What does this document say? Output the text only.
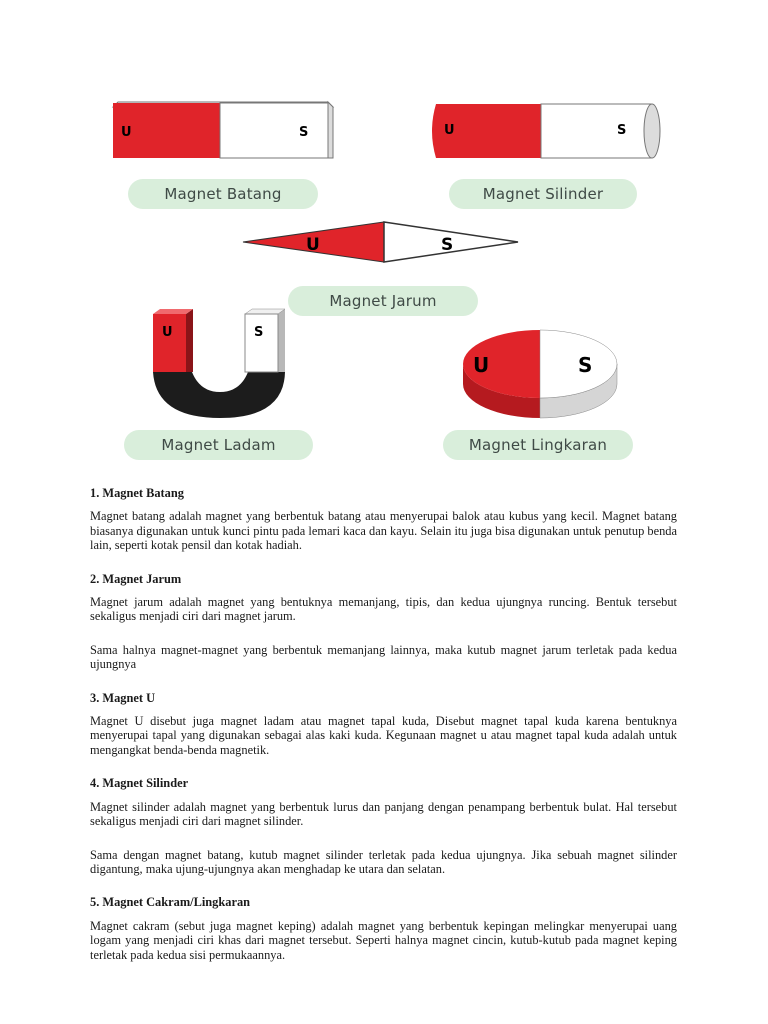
U	S	U	S
U	S
U	S
U	S
Magnet Batang	Magnet Silinder
Magnet Jarum
Magnet Ladam	Magnet Lingkaran
1. Magnet Batang

Magnet batang adalah magnet yang berbentuk batang atau menyerupai balok atau kubus yang kecil. Magnet batang biasanya digunakan untuk kunci pintu pada lemari kaca dan kayu. Selain itu juga bisa digunakan untuk penutup benda lain, seperti kotak pensil dan kotak hadiah.

2. Magnet Jarum

Magnet jarum adalah magnet yang bentuknya memanjang, tipis, dan kedua ujungnya runcing. Bentuk tersebut sekaligus menjadi ciri dari magnet jarum.

Sama halnya magnet-magnet yang berbentuk memanjang lainnya, maka kutub magnet jarum terletak pada kedua ujungnya

3. Magnet U

Magnet U disebut juga magnet ladam atau magnet tapal kuda, Disebut magnet tapal kuda karena bentuknya menyerupai tapal yang digunakan sebagai alas kaki kuda. Kegunaan magnet u atau magnet tapal kuda adalah untuk mengangkat benda-benda magnetik.

4. Magnet Silinder

Magnet silinder adalah magnet yang berbentuk lurus dan panjang dengan penampang berbentuk bulat. Hal tersebut sekaligus menjadi ciri dari magnet silinder.

Sama dengan magnet batang, kutub magnet silinder terletak pada kedua ujungnya. Jika sebuah magnet silinder digantung, maka ujung-ujungnya akan menghadap ke utara dan selatan.

5. Magnet Cakram/Lingkaran

Magnet cakram (sebut juga magnet keping) adalah magnet yang berbentuk kepingan melingkar menyerupai uang logam yang menjadi ciri khas dari magnet tersebut. Seperti halnya magnet cincin, kutub-kutub pada magnet keping terletak pada kedua sisi permukaannya.
